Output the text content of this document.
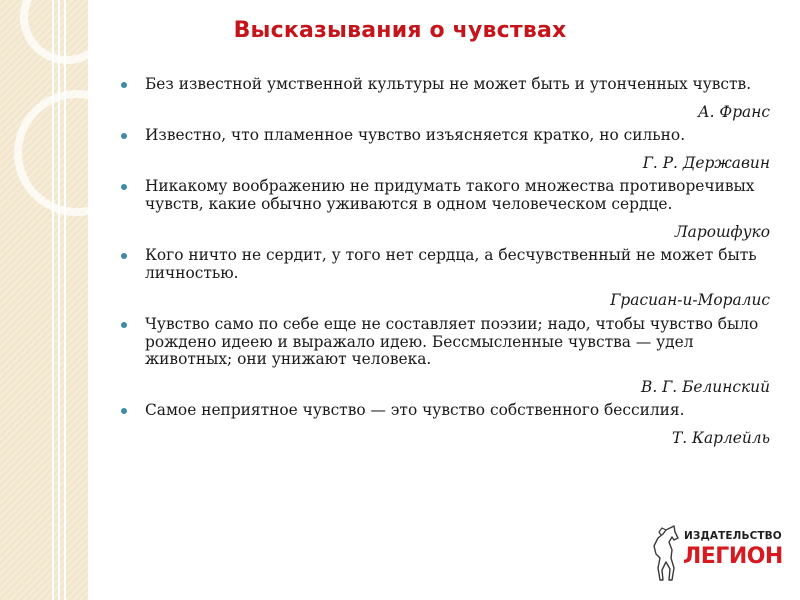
Высказывания о чувствах

Без известной умственной культуры не может быть и утонченных чувств.

А. Франс

Известно, что пламенное чувство изъясняется кратко, но сильно.

Г. Р. Державин

Никакому воображению не придумать такого множества противоречивых чувств, какие обычно уживаются в одном человеческом сердце.

Ларошфуко

Кого ничто не сердит, у того нет сердца, а бесчувственный не может быть личностью.

Грасиан-и-Моралис

Чувство само по себе еще не составляет поэзии; надо, чтобы чувство было рождено идеею и выражало идею. Бессмысленные чувства — удел животных; они унижают человека.

В. Г. Белинский

Самое неприятное чувство — это чувство собственного бессилия.

Т. Карлейль
ИЗДАТЕЛЬСТВО
ЛЕГИОН
